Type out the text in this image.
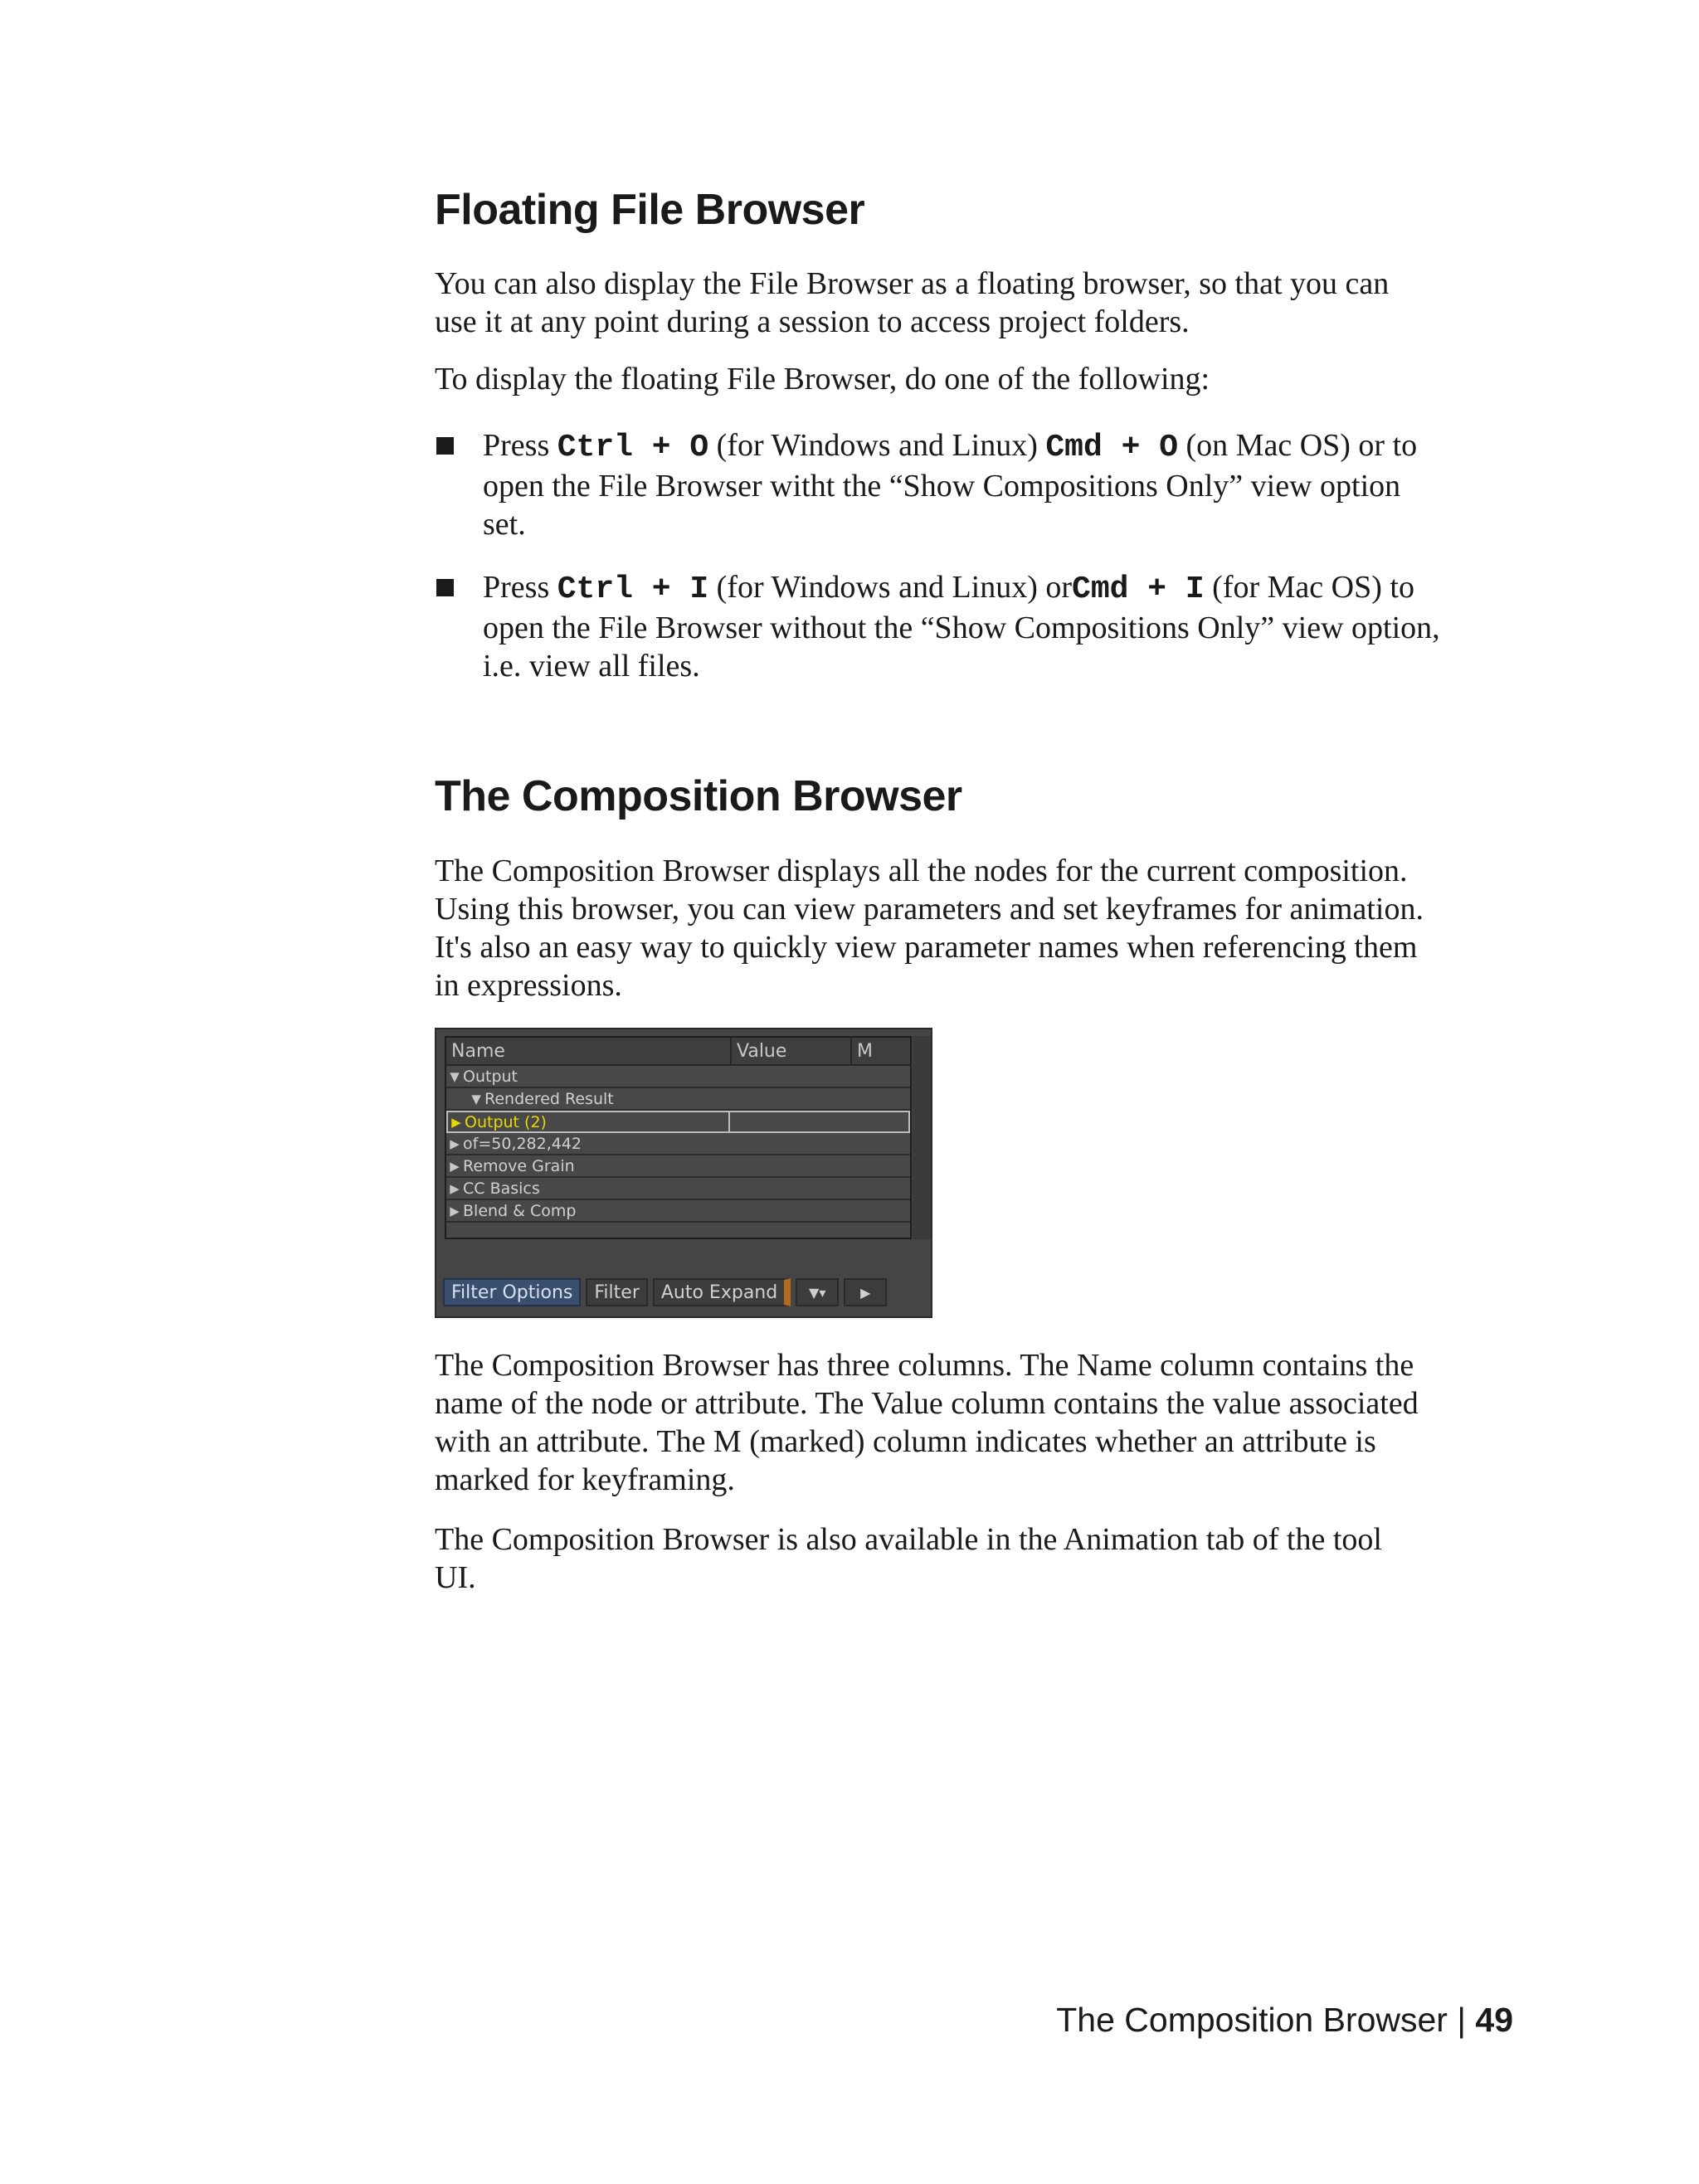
Floating File Browser

You can also display the File Browser as a floating browser, so that you can
use it at any point during a session to access project folders.

To display the floating File Browser, do one of the following:

Press Ctrl + O (for Windows and Linux) Cmd + O (on Mac OS) or to
open the File Browser witht the “Show Compositions Only” view option
set.
Press Ctrl + I (for Windows and Linux) orCmd + I (for Mac OS) to
open the File Browser without the “Show Compositions Only” view option,
i.e. view all files.
The Composition Browser

The Composition Browser displays all the nodes for the current composition.
Using this browser, you can view parameters and set keyframes for animation.
It's also an easy way to quickly view parameter names when referencing them
in expressions.

The Composition Browser has three columns. The Name column contains the
name of the node or attribute. The Value column contains the value associated
with an attribute. The M (marked) column indicates whether an attribute is
marked for keyframing.

The Composition Browser is also available in the Animation tab of the tool
UI.

Name	Value	M
▼ Output
▼ Rendered Result
▶ Output (2)
▶ of=50,282,442
▶ Remove Grain
▶ CC Basics
▶ Blend & Comp
Filter Options	Filter	Auto Expand	▼▾	▶
The Composition Browser | 49
